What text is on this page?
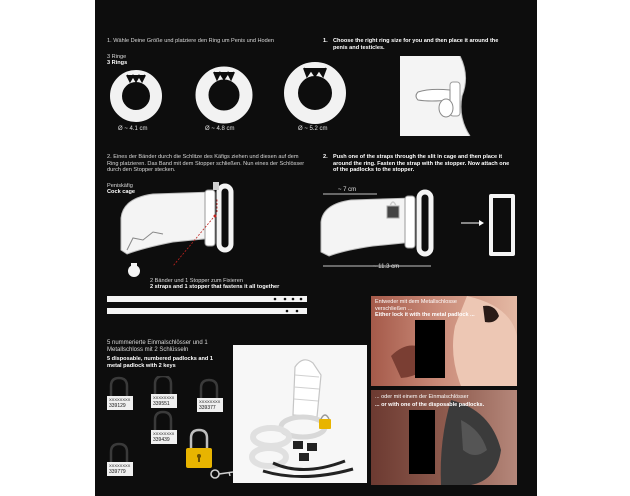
1. Wähle Deine Größe und platziere den Ring um Penis und Hoden	1. Choose the right ring size for you and then place it around the penis and testicles.
3 Ringe
3 Rings
Ø ~ 4.1 cm	Ø ~ 4.8 cm	Ø ~ 5.2 cm
2. Eines der Bänder durch die Schlitze des Käfigs ziehen und diesen auf dem Ring platzieren. Das Band mit dem Stopper schließen. Nun eines der Schlösser durch den Stopper stecken.
2. Push one of the straps through the slit in cage and then place it around the ring. Fasten the strap with the stopper. Now attach one of the padlocks to the stopper.
Peniskäfig
Cock cage
2 Bänder und 1 Stopper zum Fixieren
2 straps and 1 stopper that fastens it all together
~ 7 cm
~ 11.3 cm
5 nummerierte Einmalschlösser und 1 Metallschloss mit 2 Schlüsseln
5 disposable, numbered padlocks and 1 metal padlock with 2 keys
XXXXXXXX
339129
XXXXXXXX
339551	XXXXXXXX
339377
XXXXXXXX
339439
XXXXXXXX
339779
Entweder mit dem Metallschlosse verschließen ...
Either lock it with the metal padlock ...
... oder mit einem der Einmalschlösser
... or with one of the disposable padlocks.
